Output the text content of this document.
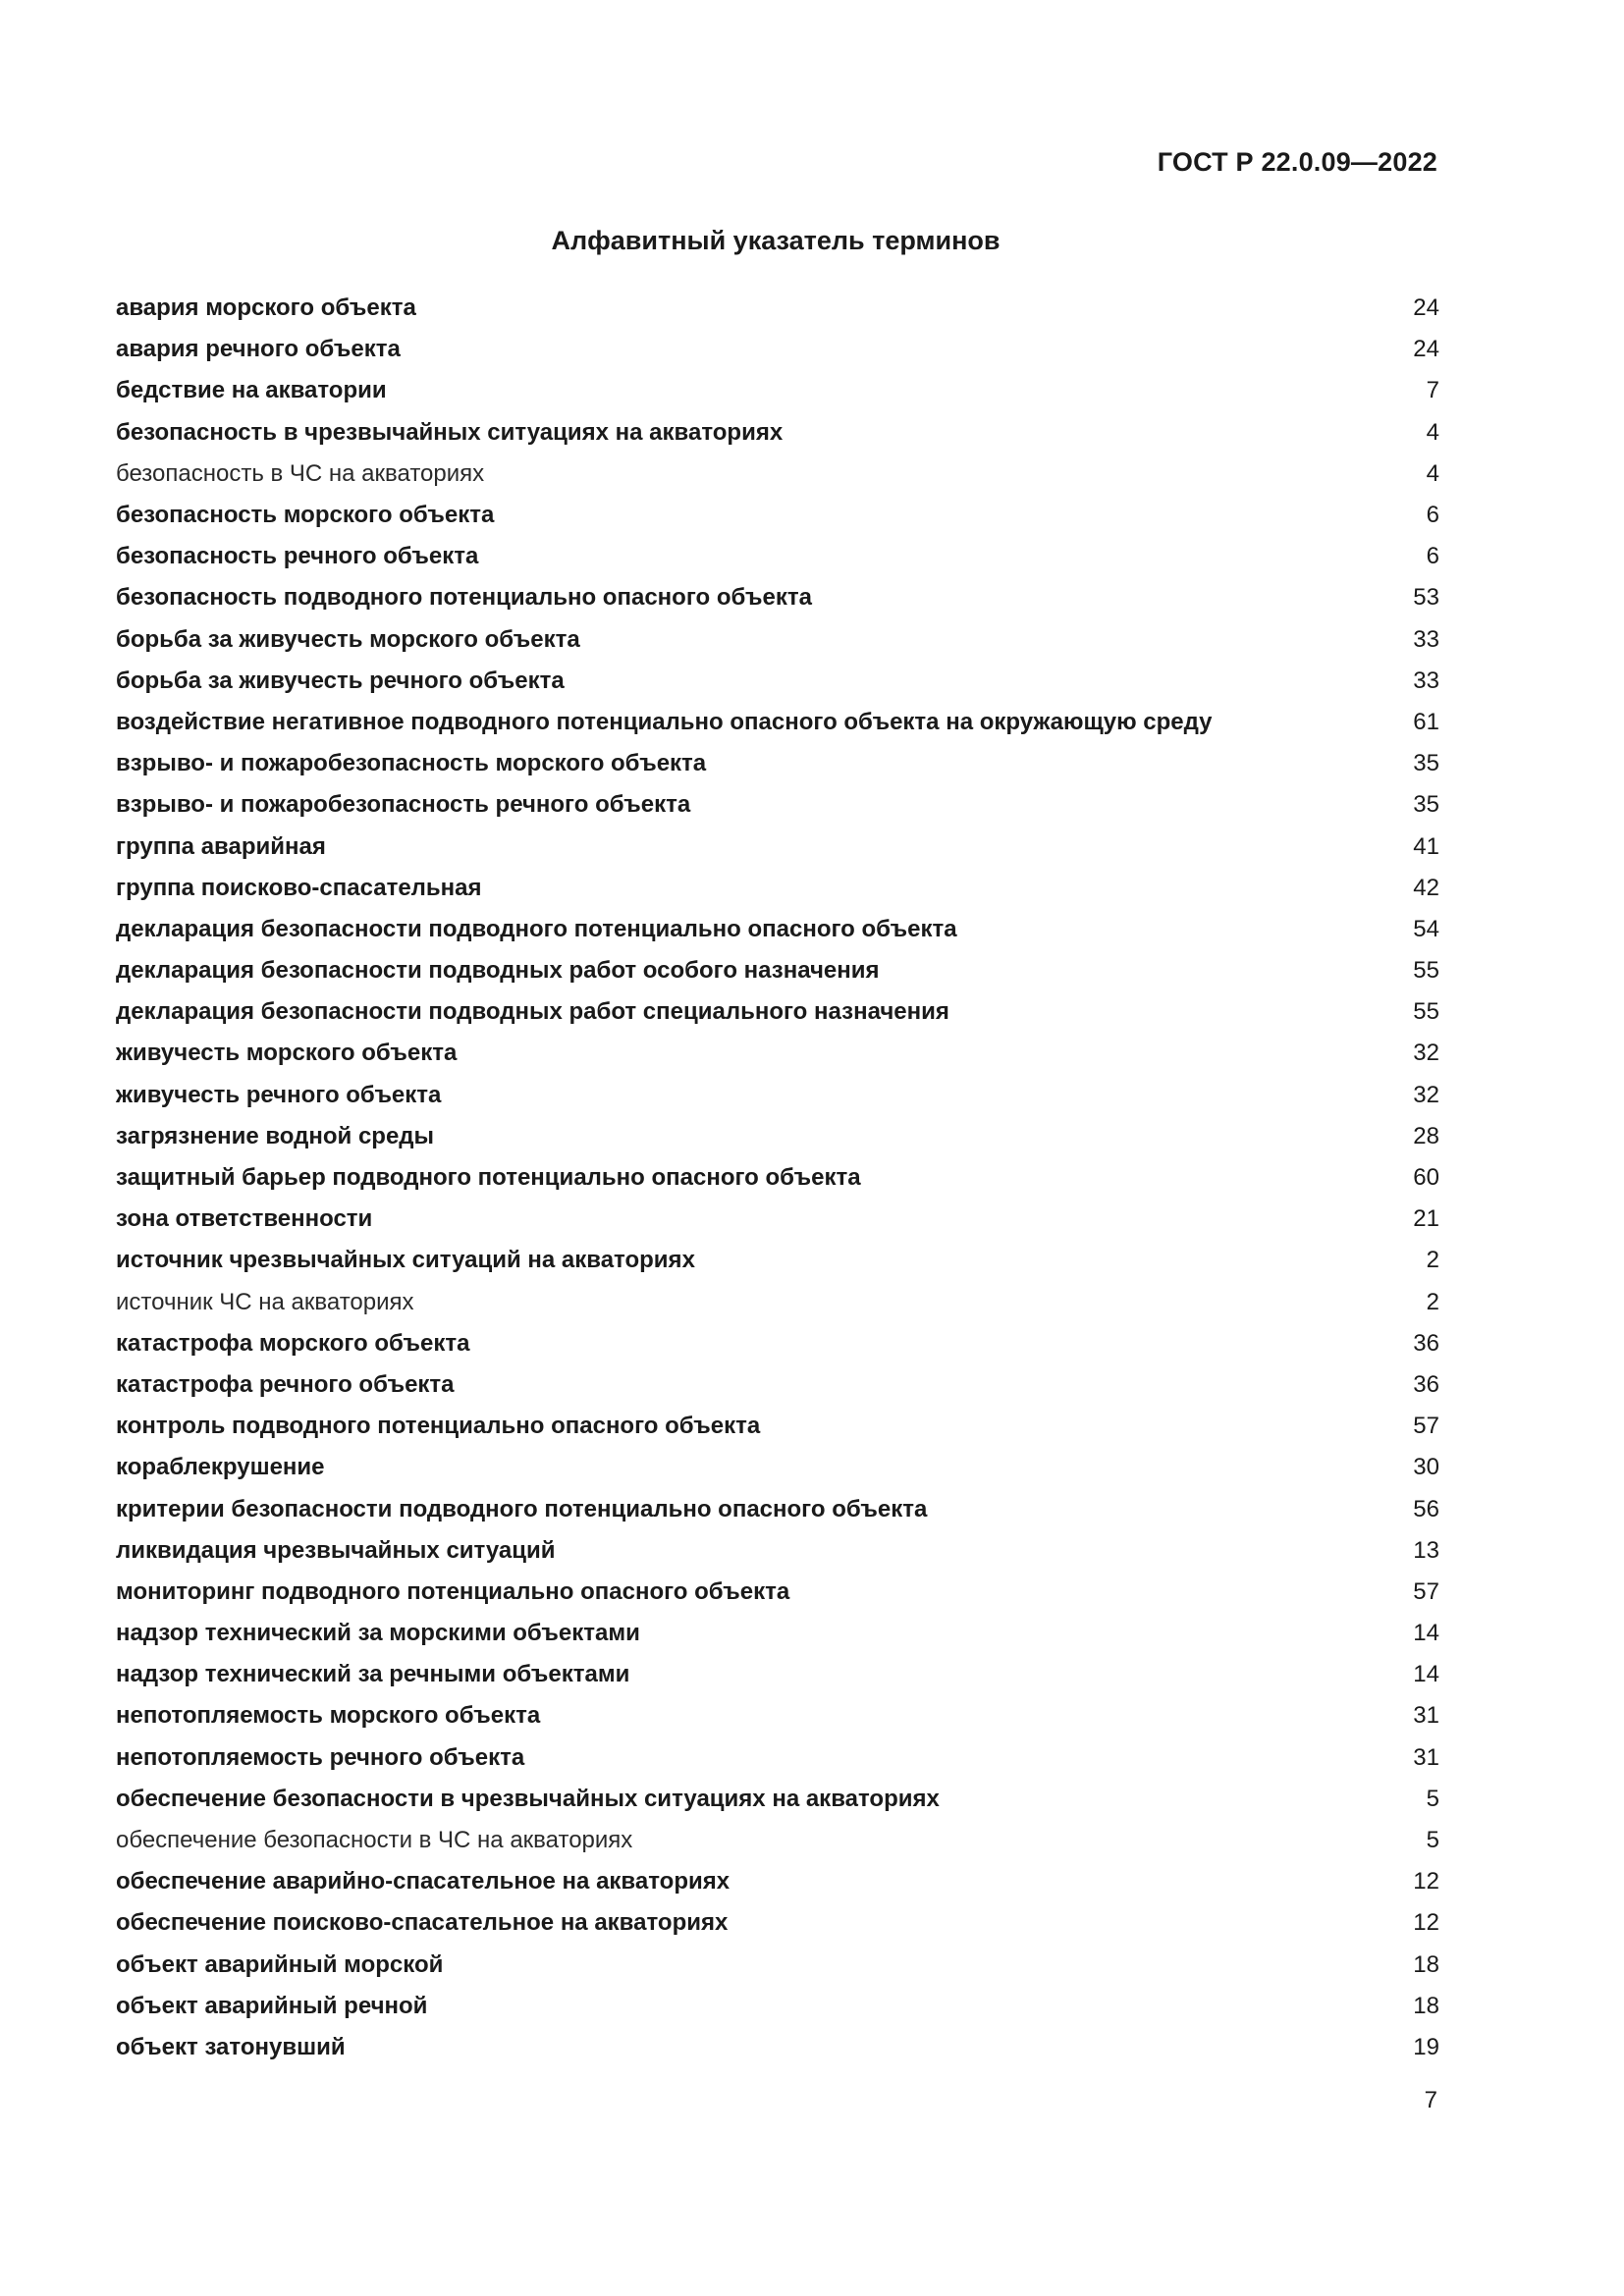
ГОСТ Р 22.0.09—2022
Алфавитный указатель терминов
авария морского объекта	24
авария речного объекта	24
бедствие на акватории	7
безопасность в чрезвычайных ситуациях на акваториях	4
безопасность в ЧС на акваториях	4
безопасность морского объекта	6
безопасность речного объекта	6
безопасность подводного потенциально опасного объекта	53
борьба за живучесть морского объекта	33
борьба за живучесть речного объекта	33
воздействие негативное подводного потенциально опасного объекта на окружающую среду	61
взрыво- и пожаробезопасность морского объекта	35
взрыво- и пожаробезопасность речного объекта	35
группа аварийная	41
группа поисково-спасательная	42
декларация безопасности подводного потенциально опасного объекта	54
декларация безопасности подводных работ особого назначения	55
декларация безопасности подводных работ специального назначения	55
живучесть морского объекта	32
живучесть речного объекта	32
загрязнение водной среды	28
защитный барьер подводного потенциально опасного объекта	60
зона ответственности	21
источник чрезвычайных ситуаций на акваториях	2
источник ЧС на акваториях	2
катастрофа морского объекта	36
катастрофа речного объекта	36
контроль подводного потенциально опасного объекта	57
кораблекрушение	30
критерии безопасности подводного потенциально опасного объекта	56
ликвидация чрезвычайных ситуаций	13
мониторинг подводного потенциально опасного объекта	57
надзор технический за морскими объектами	14
надзор технический за речными объектами	14
непотопляемость морского объекта	31
непотопляемость речного объекта	31
обеспечение безопасности в чрезвычайных ситуациях на акваториях	5
обеспечение безопасности в ЧС на акваториях	5
обеспечение аварийно-спасательное на акваториях	12
обеспечение поисково-спасательное на акваториях	12
объект аварийный морской	18
объект аварийный речной	18
объект затонувший	19
7
